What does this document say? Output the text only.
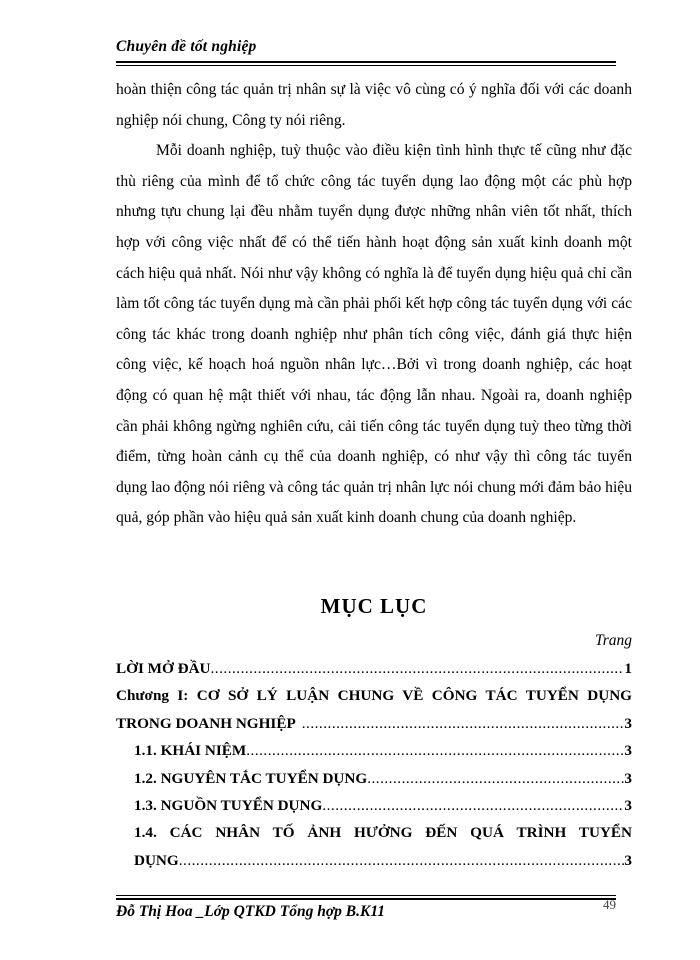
Chuyên đề tốt nghiệp

hoàn thiện công tác quản trị nhân sự là việc vô cùng có ý nghĩa đối với các doanh nghiệp nói chung, Công ty nói riêng.

Mỗi doanh nghiệp, tuỳ thuộc vào điều kiện tình hình thực tế cũng như đặc thù riêng của mình để tổ chức công tác tuyển dụng lao động một các phù hợp nhưng tựu chung lại đều nhằm tuyển dụng được những nhân viên tốt nhất, thích hợp với công việc nhất để có thể tiến hành hoạt động sản xuất kinh doanh một cách hiệu quả nhất. Nói như vậy không có nghĩa là để tuyển dụng hiệu quả chỉ cần làm tốt công tác tuyển dụng mà cần phải phối kết hợp công tác tuyển dụng với các công tác khác trong doanh nghiệp như phân tích công việc, đánh giá thực hiện công việc, kế hoạch hoá nguồn nhân lực…Bởi vì trong doanh nghiệp, các hoạt động có quan hệ mật thiết với nhau, tác động lẫn nhau. Ngoài ra, doanh nghiệp cần phải không ngừng nghiên cứu, cải tiến công tác tuyển dụng tuỳ theo từng thời điểm, từng hoàn cảnh cụ thể của doanh nghiệp, có như vậy thì công tác tuyển dụng lao động nói riêng và công tác quản trị nhân lực nói chung mới đảm bảo hiệu quả, góp phần vào hiệu quả sản xuất kinh doanh chung của doanh nghiệp.

MỤC LỤC
Trang
LỜI MỞ ĐẦU .....	1
Chương I: CƠ SỞ LÝ LUẬN CHUNG VỀ CÔNG TÁC TUYỂN DỤNG
TRONG DOANH NGHIỆP .....	3
1.1. KHÁI NIỆM .....	3
1.2. NGUYÊN TẮC TUYỂN DỤNG .....	3
1.3. NGUỒN TUYỂN DỤNG .....	3
1.4. CÁC NHÂN TỐ ẢNH HƯỞNG ĐẾN QUÁ TRÌNH TUYỂN
DỤNG .....	3
Đỗ Thị Hoa _Lớp QTKD Tổng hợp B.K11	49
